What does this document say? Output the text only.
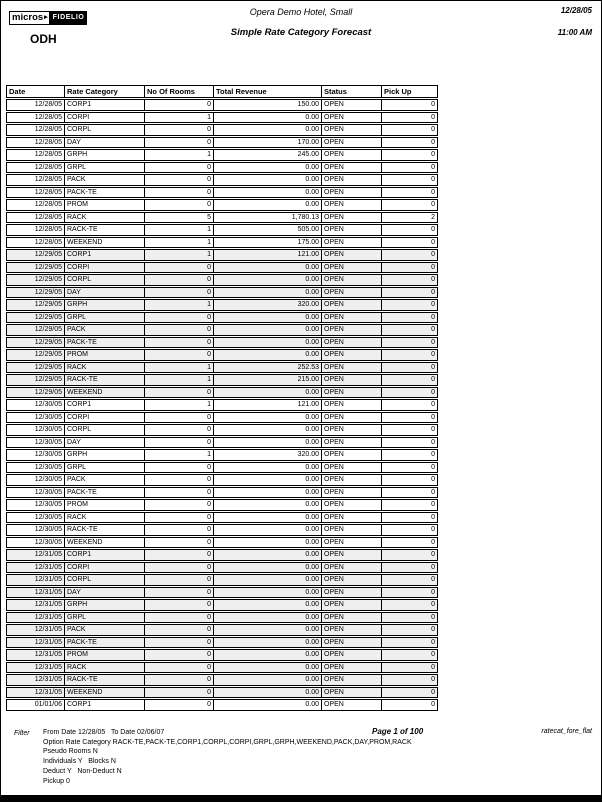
micros ▸ FIDELIO
ODH
Opera Demo Hotel, Small
Simple Rate Category Forecast
12/28/05
11:00 AM
Date	Rate Category	No Of Rooms	Total Revenue	Status	Pick Up
12/28/05	CORP1	0	150.00	OPEN	0
12/28/05	CORPI	1	0.00	OPEN	0
12/28/05	CORPL	0	0.00	OPEN	0
12/28/05	DAY	0	170.00	OPEN	0
12/28/05	GRPH	1	245.00	OPEN	0
12/28/05	GRPL	0	0.00	OPEN	0
12/28/05	PACK	0	0.00	OPEN	0
12/28/05	PACK-TE	0	0.00	OPEN	0
12/28/05	PROM	0	0.00	OPEN	0
12/28/05	RACK	5	1,780.13	OPEN	2
12/28/05	RACK-TE	1	505.00	OPEN	0
12/28/05	WEEKEND	1	175.00	OPEN	0
12/29/05	CORP1	1	121.00	OPEN	0
12/29/05	CORPI	0	0.00	OPEN	0
12/29/05	CORPL	0	0.00	OPEN	0
12/29/05	DAY	0	0.00	OPEN	0
12/29/05	GRPH	1	320.00	OPEN	0
12/29/05	GRPL	0	0.00	OPEN	0
12/29/05	PACK	0	0.00	OPEN	0
12/29/05	PACK-TE	0	0.00	OPEN	0
12/29/05	PROM	0	0.00	OPEN	0
12/29/05	RACK	1	252.53	OPEN	0
12/29/05	RACK-TE	1	215.00	OPEN	0
12/29/05	WEEKEND	0	0.00	OPEN	0
12/30/05	CORP1	1	121.00	OPEN	0
12/30/05	CORPI	0	0.00	OPEN	0
12/30/05	CORPL	0	0.00	OPEN	0
12/30/05	DAY	0	0.00	OPEN	0
12/30/05	GRPH	1	320.00	OPEN	0
12/30/05	GRPL	0	0.00	OPEN	0
12/30/05	PACK	0	0.00	OPEN	0
12/30/05	PACK-TE	0	0.00	OPEN	0
12/30/05	PROM	0	0.00	OPEN	0
12/30/05	RACK	0	0.00	OPEN	0
12/30/05	RACK-TE	0	0.00	OPEN	0
12/30/05	WEEKEND	0	0.00	OPEN	0
12/31/05	CORP1	0	0.00	OPEN	0
12/31/05	CORPI	0	0.00	OPEN	0
12/31/05	CORPL	0	0.00	OPEN	0
12/31/05	DAY	0	0.00	OPEN	0
12/31/05	GRPH	0	0.00	OPEN	0
12/31/05	GRPL	0	0.00	OPEN	0
12/31/05	PACK	0	0.00	OPEN	0
12/31/05	PACK-TE	0	0.00	OPEN	0
12/31/05	PROM	0	0.00	OPEN	0
12/31/05	RACK	0	0.00	OPEN	0
12/31/05	RACK-TE	0	0.00	OPEN	0
12/31/05	WEEKEND	0	0.00	OPEN	0
01/01/06	CORP1	0	0.00	OPEN	0
Filter From Date 12/28/05   To Date 02/06/07
Option Rate Category RACK-TE,PACK-TE,CORP1,CORPL,CORPI,GRPL,GRPH,WEEKEND,PACK,DAY,PROM,RACK
Pseudo Rooms N
Individuals Y   Blocks N
Deduct Y   Non-Deduct N
Pickup 0
Page 1 of 100	ratecat_fore_flat
